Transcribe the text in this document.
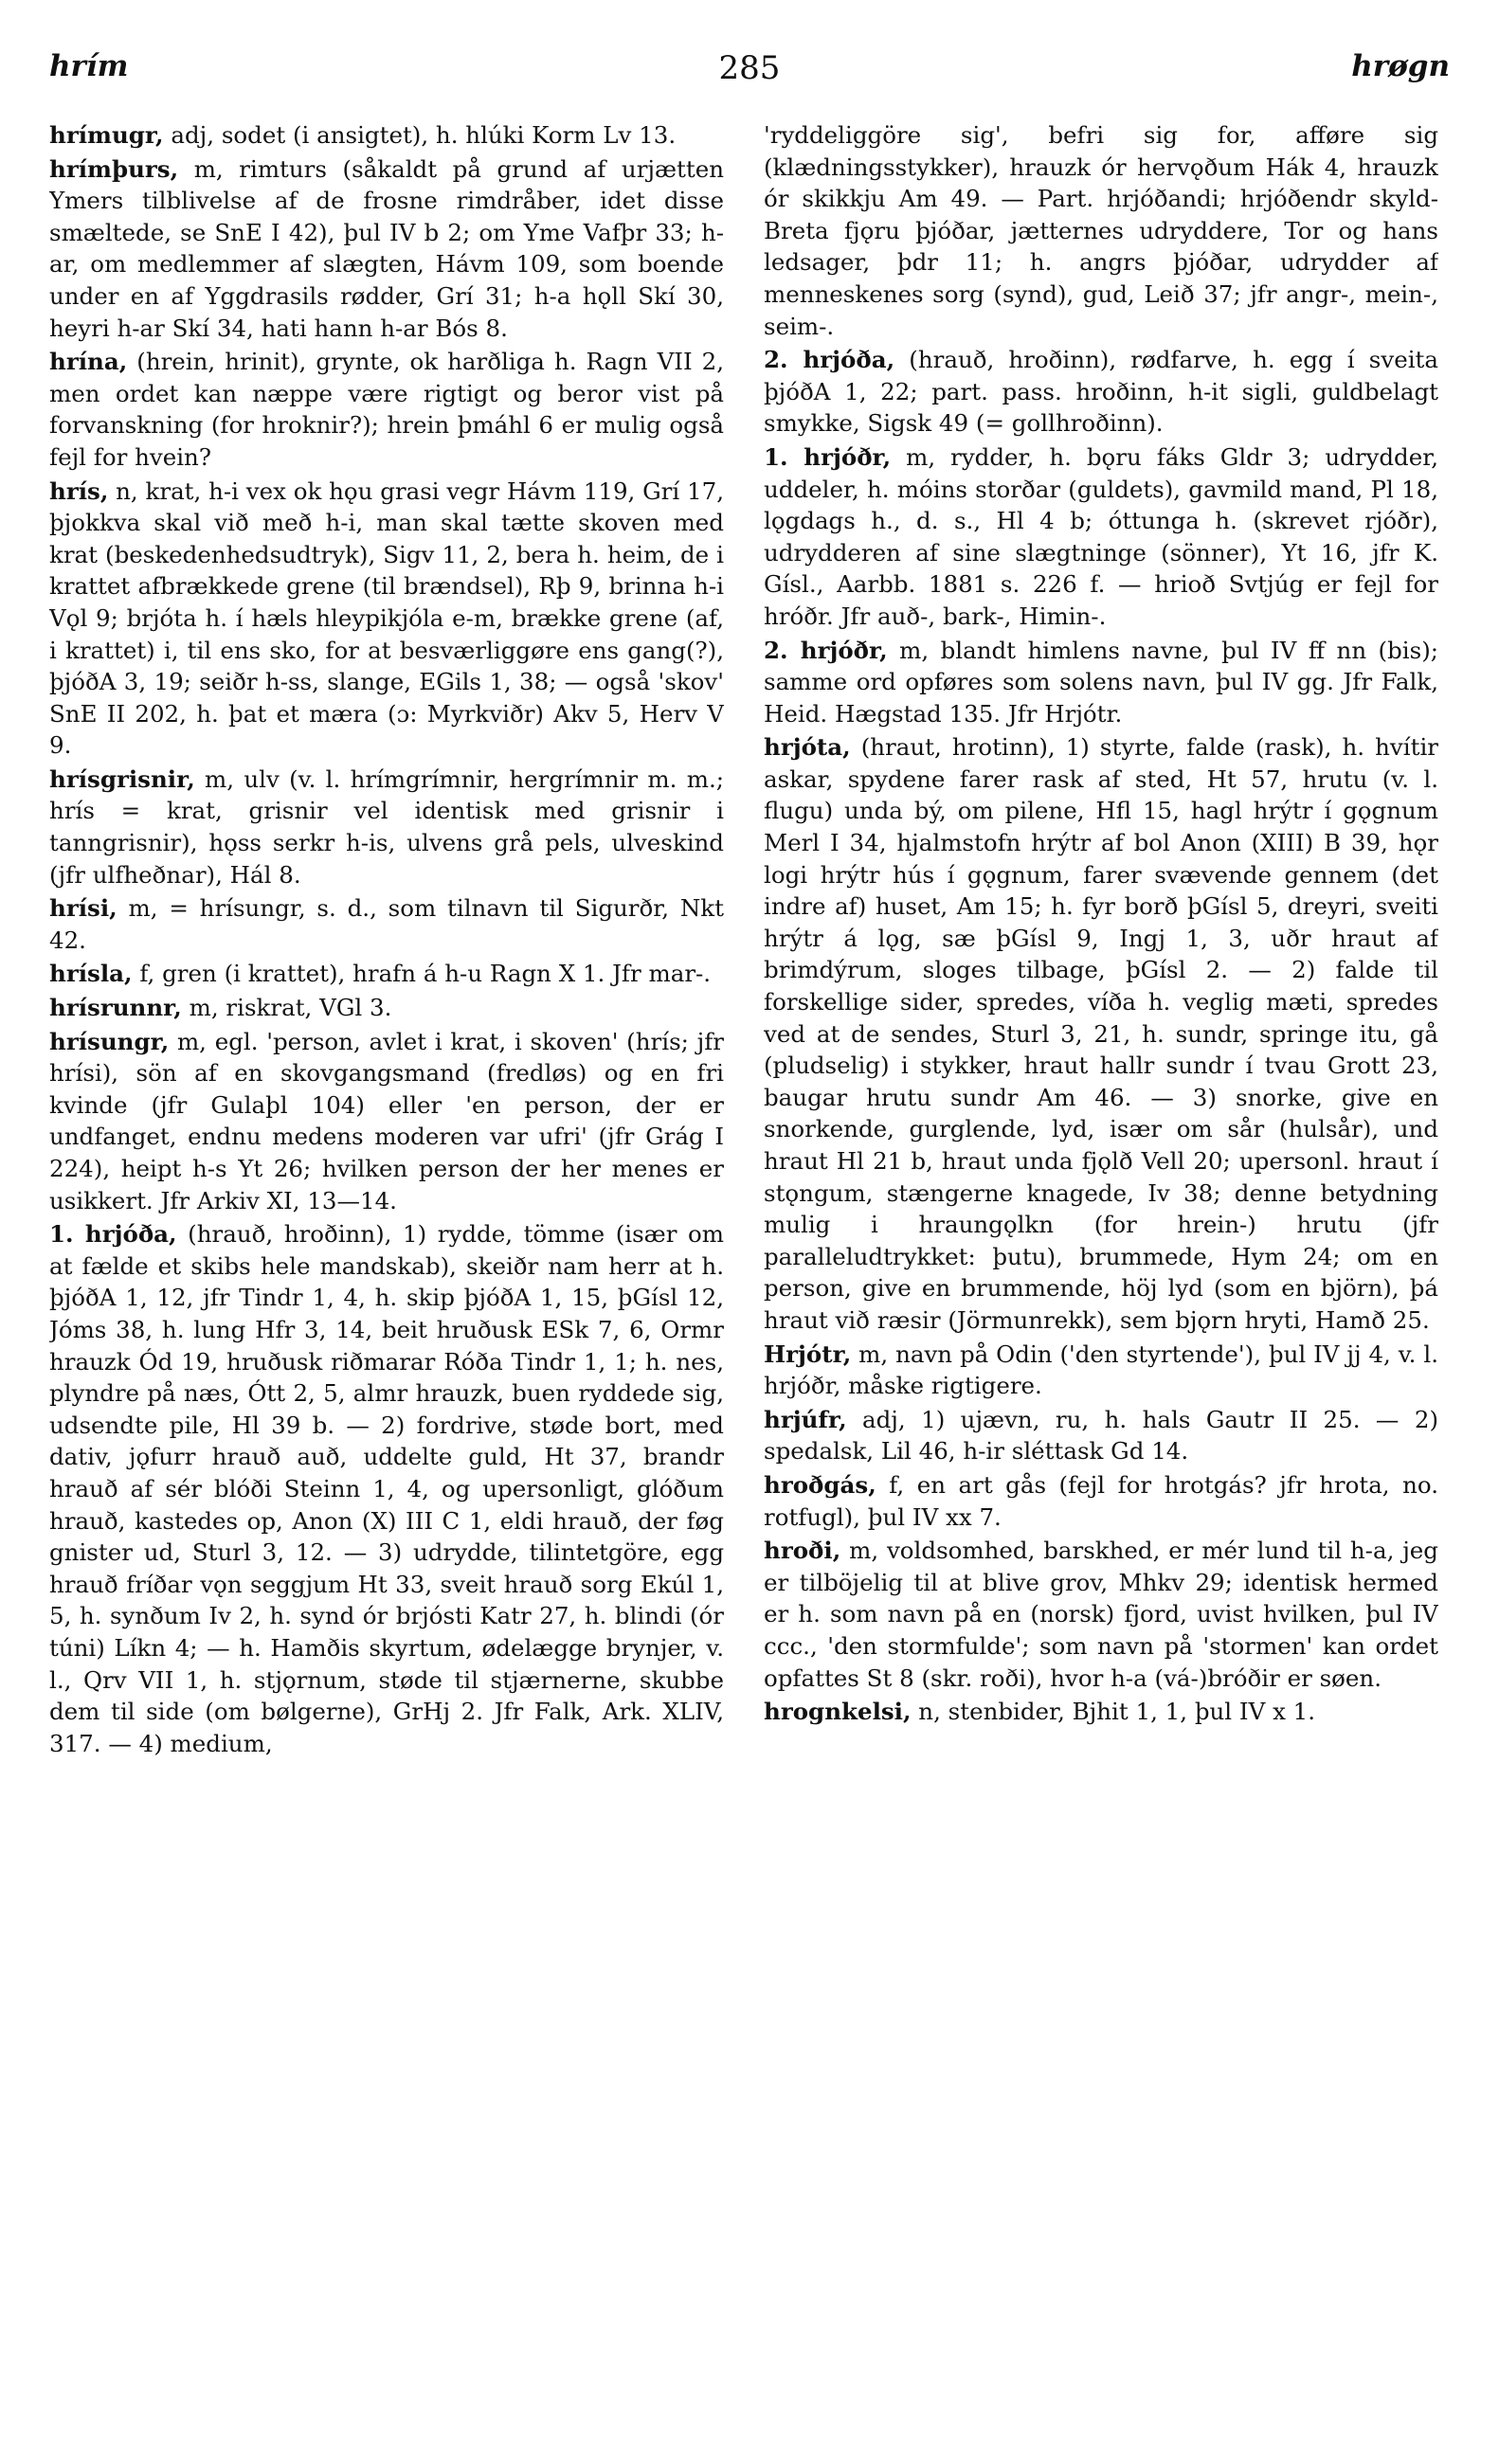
hrím	285	hrøgn

hrímugr, adj, sodet (i ansigtet), h. hlúki Korm Lv 13.

hrímþurs, m, rimturs (såkaldt på grund af urjætten Ymers tilblivelse af de frosne rimdråber, idet disse smæltede, se SnE I 42), þul IV b 2; om Yme Vafþr 33; h-ar, om medlemmer af slægten, Hávm 109, som boende under en af Yggdrasils rødder, Grí 31; h-a hǫll Skí 30, heyri h-ar Skí 34, hati hann h-ar Bós 8.

hrína, (hrein, hrinit), grynte, ok harðliga h. Ragn VII 2, men ordet kan næppe være rigtigt og beror vist på forvanskning (for hroknir?); hrein þmáhl 6 er mulig også fejl for hvein?

hrís, n, krat, h-i vex ok hǫu grasi vegr Hávm 119, Grí 17, þjokkva skal við með h-i, man skal tætte skoven med krat (beskedenhedsudtryk), Sigv 11, 2, bera h. heim, de i krattet afbrækkede grene (til brændsel), Rþ 9, brinna h-i Vǫl 9; brjóta h. í hæls hleypikjóla e-m, brække grene (af, i krattet) i, til ens sko, for at besværliggøre ens gang(?), þjóðA 3, 19; seiðr h-ss, slange, EGils 1, 38; — også 'skov' SnE II 202, h. þat et mæra (ɔ: Myrkviðr) Akv 5, Herv V 9.

hrísgrisnir, m, ulv (v. l. hrímgrímnir, hergrímnir m. m.; hrís = krat, grisnir vel identisk med grisnir i tanngrisnir), hǫss serkr h-is, ulvens grå pels, ulveskind (jfr ulfheðnar), Hál 8.

hrísi, m, = hrísungr, s. d., som tilnavn til Sigurðr, Nkt 42.

hrísla, f, gren (i krattet), hrafn á h-u Ragn X 1. Jfr mar-.

hrísrunnr, m, riskrat, VGl 3.

hrísungr, m, egl. 'person, avlet i krat, i skoven' (hrís; jfr hrísi), sön af en skovgangsmand (fredløs) og en fri kvinde (jfr Gulaþl 104) eller 'en person, der er undfanget, endnu medens moderen var ufri' (jfr Grág I 224), heipt h-s Yt 26; hvilken person der her menes er usikkert. Jfr Arkiv XI, 13—14.

1. hrjóða, (hrauð, hroðinn), 1) rydde, tömme (især om at fælde et skibs hele mandskab), skeiðr nam herr at h. þjóðA 1, 12, jfr Tindr 1, 4, h. skip þjóðA 1, 15, þGísl 12, Jóms 38, h. lung Hfr 3, 14, beit hruðusk ESk 7, 6, Ormr hrauzk Ód 19, hruðusk riðmarar Róða Tindr 1, 1; h. nes, plyndre på næs, Ótt 2, 5, almr hrauzk, buen ryddede sig, udsendte pile, Hl 39 b. — 2) fordrive, støde bort, med dativ, jǫfurr hrauð auð, uddelte guld, Ht 37, brandr hrauð af sér blóði Steinn 1, 4, og upersonligt, glóðum hrauð, kastedes op, Anon (X) III C 1, eldi hrauð, der føg gnister ud, Sturl 3, 12. — 3) udrydde, tilintetgöre, egg hrauð fríðar vǫn seggjum Ht 33, sveit hrauð sorg Ekúl 1, 5, h. synðum Iv 2, h. synd ór brjósti Katr 27, h. blindi (ór túni) Líkn 4; — h. Hamðis skyrtum, ødelægge brynjer, v. l., Qrv VII 1, h. stjǫrnum, støde til stjærnerne, skubbe dem til side (om bølgerne), GrHj 2. Jfr Falk, Ark. XLIV, 317. — 4) medium,

'ryddeliggöre sig', befri sig for, afføre sig (klædningsstykker), hrauzk ór hervǫðum Hák 4, hrauzk ór skikkju Am 49. — Part. hrjóðandi; hrjóðendr skyld-Breta fjǫru þjóðar, jætternes udryddere, Tor og hans ledsager, þdr 11; h. angrs þjóðar, udrydder af menneskenes sorg (synd), gud, Leið 37; jfr angr-, mein-, seim-.

2. hrjóða, (hrauð, hroðinn), rødfarve, h. egg í sveita þjóðA 1, 22; part. pass. hroðinn, h-it sigli, guldbelagt smykke, Sigsk 49 (= gollhroðinn).

1. hrjóðr, m, rydder, h. bǫru fáks Gldr 3; udrydder, uddeler, h. móins storðar (guldets), gavmild mand, Pl 18, lǫgdags h., d. s., Hl 4 b; óttunga h. (skrevet rjóðr), udrydderen af sine slægtninge (sönner), Yt 16, jfr K. Gísl., Aarbb. 1881 s. 226 f. — hrioð Svtjúg er fejl for hróðr. Jfr auð-, bark-, Himin-.

2. hrjóðr, m, blandt himlens navne, þul IV ff nn (bis); samme ord opføres som solens navn, þul IV gg. Jfr Falk, Heid. Hægstad 135. Jfr Hrjótr.

hrjóta, (hraut, hrotinn), 1) styrte, falde (rask), h. hvítir askar, spydene farer rask af sted, Ht 57, hrutu (v. l. flugu) unda bý, om pilene, Hfl 15, hagl hrýtr í gǫgnum Merl I 34, hjalmstofn hrýtr af bol Anon (XIII) B 39, hǫr logi hrýtr hús í gǫgnum, farer svævende gennem (det indre af) huset, Am 15; h. fyr borð þGísl 5, dreyri, sveiti hrýtr á lǫg, sæ þGísl 9, Ingj 1, 3, uðr hraut af brimdýrum, sloges tilbage, þGísl 2. — 2) falde til forskellige sider, spredes, víða h. veglig mæti, spredes ved at de sendes, Sturl 3, 21, h. sundr, springe itu, gå (pludselig) i stykker, hraut hallr sundr í tvau Grott 23, baugar hrutu sundr Am 46. — 3) snorke, give en snorkende, gurglende, lyd, især om sår (hulsår), und hraut Hl 21 b, hraut unda fjǫlð Vell 20; upersonl. hraut í stǫngum, stængerne knagede, Iv 38; denne betydning mulig i hraungǫlkn (for hrein-) hrutu (jfr paralleludtrykket: þutu), brummede, Hym 24; om en person, give en brummende, höj lyd (som en björn), þá hraut við ræsir (Jörmunrekk), sem bjǫrn hryti, Hamð 25.

Hrjótr, m, navn på Odin ('den styrtende'), þul IV jj 4, v. l. hrjóðr, måske rigtigere.

hrjúfr, adj, 1) ujævn, ru, h. hals Gautr II 25. — 2) spedalsk, Lil 46, h-ir sléttask Gd 14.

hroðgás, f, en art gås (fejl for hrotgás? jfr hrota, no. rotfugl), þul IV xx 7.

hroði, m, voldsomhed, barskhed, er mér lund til h-a, jeg er tilböjelig til at blive grov, Mhkv 29; identisk hermed er h. som navn på en (norsk) fjord, uvist hvilken, þul IV ccc., 'den stormfulde'; som navn på 'stormen' kan ordet opfattes St 8 (skr. roði), hvor h-a (vá-)bróðir er søen.

hrognkelsi, n, stenbider, Bjhit 1, 1, þul IV x 1.
